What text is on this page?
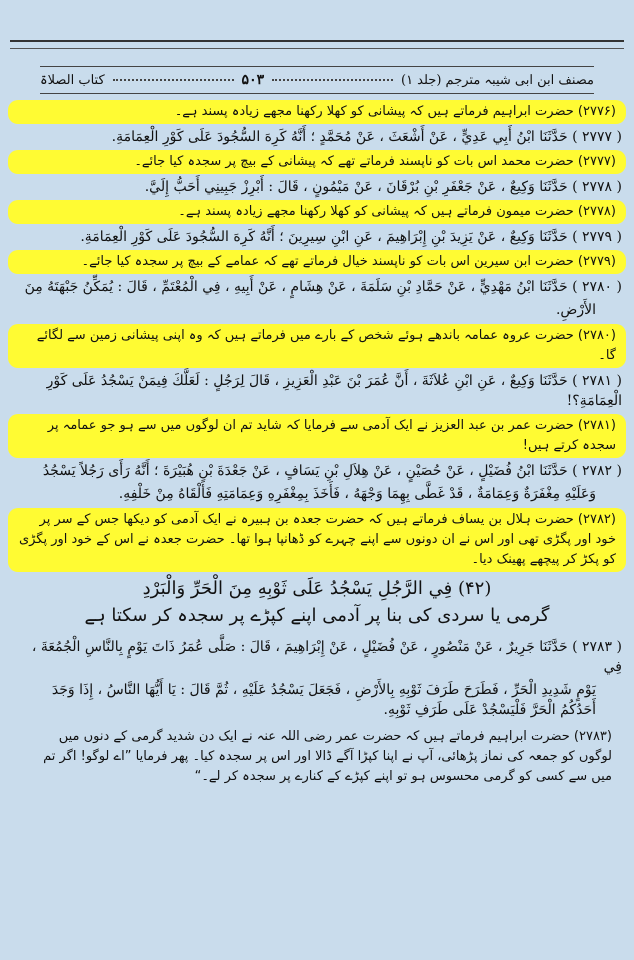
مصنف ابن ابی شیبہ مترجم (جلد ۱)
۵۰۳
کتاب الصلاۃ

(۲۷۷۶) حضرت ابراہیم فرماتے ہیں کہ پیشانی کو کھلا رکھنا مجھے زیادہ پسند ہے۔

( ۲۷۷۷ ) حَدَّثَنَا ابْنُ أَبِي عَدِيٍّ ، عَنْ أَشْعَثَ ، عَنْ مُحَمَّدٍ ؛ أَنَّهُ كَرِهَ السُّجُودَ عَلَى كَوْرِ الْعِمَامَةِ.

(۲۷۷۷) حضرت محمد اس بات کو ناپسند فرماتے تھے کہ پیشانی کے بیچ پر سجدہ کیا جائے۔

( ۲۷۷۸ ) حَدَّثَنَا وَكِيعٌ ، عَنْ جَعْفَرِ بْنِ بُرْقَانَ ، عَنْ مَيْمُونٍ ، قَالَ : أَبْرِزْ جَبِينِي أَحَبُّ إِلَيَّ.

(۲۷۷۸) حضرت میمون فرماتے ہیں کہ پیشانی کو کھلا رکھنا مجھے زیادہ پسند ہے۔

( ۲۷۷۹ ) حَدَّثَنَا وَكِيعٌ ، عَنْ يَزِيدَ بْنِ إِبْرَاهِيمَ ، عَنِ ابْنِ سِيرِينَ ؛ أَنَّهُ كَرِهَ السُّجُودَ عَلَى كَوْرِ الْعِمَامَةِ.

(۲۷۷۹) حضرت ابن سیرین اس بات کو ناپسند خیال فرماتے تھے کہ عمامے کے بیچ پر سجدہ کیا جائے۔

( ۲۷۸۰ ) حَدَّثَنَا ابْنُ مَهْدِيٍّ ، عَنْ حَمَّادِ بْنِ سَلَمَةَ ، عَنْ هِشَامٍ ، عَنْ أَبِيهِ ، فِي الْمُعْتَمِّ ، قَالَ : يُمَكِّنُ جَبْهَتَهُ مِنَ

الأَرْضِ.

(۲۷۸۰) حضرت عروہ عمامہ باندھے ہوئے شخص کے بارے میں فرماتے ہیں کہ وہ اپنی پیشانی زمین سے لگائے گا۔

( ۲۷۸۱ ) حَدَّثَنَا وَكِيعٌ ، عَنِ ابْنِ عُلاَثَةَ ، أَنَّ عُمَرَ بْنَ عَبْدِ الْعَزِيزِ ، قَالَ لِرَجُلٍ : لَعَلَّكَ فِيمَنْ يَسْجُدُ عَلَى كَوْرِ الْعِمَامَةِ؟!

(۲۷۸۱) حضرت عمر بن عبد العزیز نے ایک آدمی سے فرمایا کہ شاید تم ان لوگوں میں سے ہو جو عمامہ پر سجدہ کرتے ہیں!

( ۲۷۸۲ ) حَدَّثَنَا ابْنُ فُضَيْلٍ ، عَنْ حُصَيْنٍ ، عَنْ هِلاَلِ بْنِ يَسَافٍ ، عَنْ جَعْدَةَ بْنِ هُبَيْرَةَ ؛ أَنَّهُ رَأَى رَجُلاً يَسْجُدُ

وَعَلَيْهِ مِغْفَرَةٌ وَعِمَامَةٌ ، قَدْ غَطَّى بِهِمَا وَجْهَهُ ، فَأَخَذَ بِمِغْفَرِهِ وَعِمَامَتِهِ فَأَلْقَاهُ مِنْ خَلْفِهِ.

(۲۷۸۲) حضرت ہلال بن یساف فرماتے ہیں کہ حضرت جعدہ بن ہبیرہ نے ایک آدمی کو دیکھا جس کے سر پر خود اور پگڑی تھی اور اس نے ان دونوں سے اپنے چہرے کو ڈھانپا ہوا تھا۔ حضرت جعدہ نے اس کے خود اور پگڑی کو پکڑ کر پیچھے پھینک دیا۔

(۴۲) فِي الرَّجُلِ يَسْجُدُ عَلَى ثَوْبِهِ مِنَ الْحَرِّ وَالْبَرْدِ

گرمی یا سردی کی بنا پر آدمی اپنے کپڑے پر سجدہ کر سکتا ہے

( ۲۷۸۳ ) حَدَّثَنَا جَرِيرٌ ، عَنْ مَنْصُورٍ ، عَنْ فُضَيْلٍ ، عَنْ إِبْرَاهِيمَ ، قَالَ : صَلَّى عُمَرُ ذَاتَ يَوْمٍ بِالنَّاسِ الْجُمُعَةَ ، فِي

يَوْمٍ شَدِيدِ الْحَرِّ ، فَطَرَحَ طَرَفَ ثَوْبِهِ بِالأَرْضِ ، فَجَعَلَ يَسْجُدُ عَلَيْهِ ، ثُمَّ قَالَ : يَا أَيُّهَا النَّاسُ ، إِذَا وَجَدَ

أَحَدُكُمُ الْحَرَّ فَلْيَسْجُدْ عَلَى طَرَفِ ثَوْبِهِ.

(۲۷۸۳) حضرت ابراہیم فرماتے ہیں کہ حضرت عمر رضی اللہ عنہ نے ایک دن شدید گرمی کے دنوں میں لوگوں کو جمعہ کی نماز پڑھائی، آپ نے اپنا کپڑا آگے ڈالا اور اس پر سجدہ کیا۔ پھر فرمایا ”اے لوگو! اگر تم میں سے کسی کو گرمی محسوس ہو تو اپنے کپڑے کے کنارے پر سجدہ کر لے۔“
